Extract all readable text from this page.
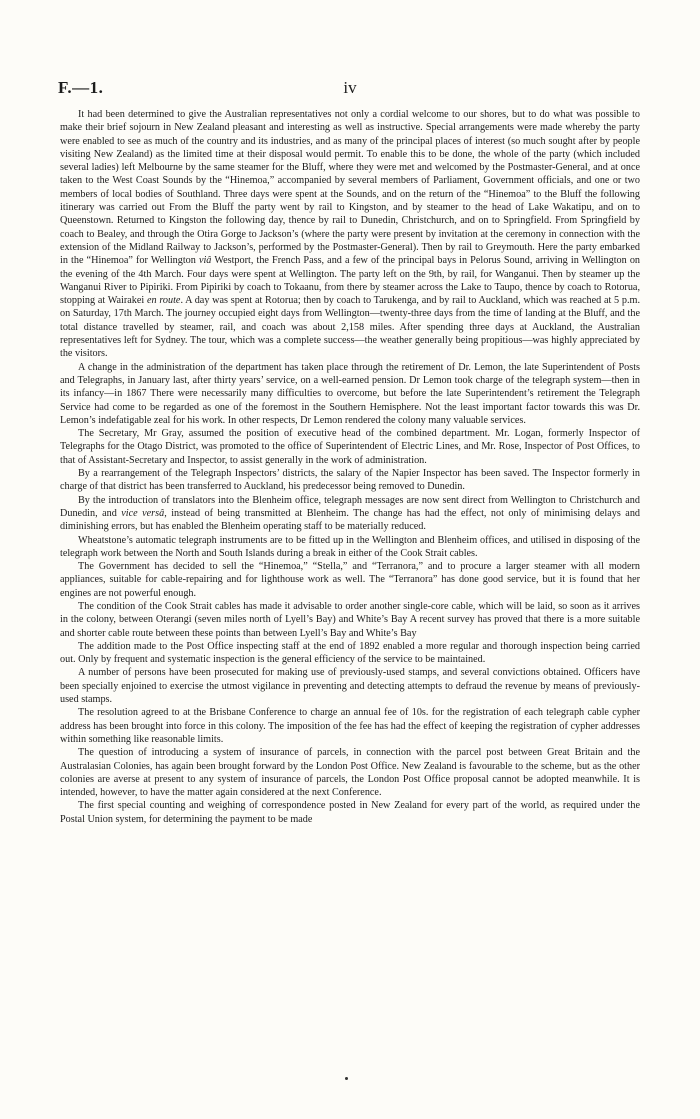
F.—1.	iv

It had been determined to give the Australian representatives not only a cordial welcome to our shores, but to do what was possible to make their brief sojourn in New Zealand pleasant and interesting as well as instructive. Special arrangements were made whereby the party were enabled to see as much of the country and its industries, and as many of the principal places of interest (so much sought after by people visiting New Zealand) as the limited time at their disposal would permit. To enable this to be done, the whole of the party (which included several ladies) left Melbourne by the same steamer for the Bluff, where they were met and welcomed by the Postmaster-General, and at once taken to the West Coast Sounds by the “Hinemoa,” accompanied by several members of Parliament, Government officials, and one or two members of local bodies of Southland. Three days were spent at the Sounds, and on the return of the “Hinemoa” to the Bluff the following itinerary was carried out From the Bluff the party went by rail to Kingston, and by steamer to the head of Lake Wakatipu, and on to Queenstown. Returned to Kingston the following day, thence by rail to Dunedin, Christchurch, and on to Springfield. From Springfield by coach to Bealey, and through the Otira Gorge to Jackson’s (where the party were present by invitation at the ceremony in connection with the extension of the Midland Railway to Jackson’s, performed by the Postmaster-General). Then by rail to Greymouth. Here the party embarked in the “Hinemoa” for Wellington viâ Westport, the French Pass, and a few of the principal bays in Pelorus Sound, arriving in Wellington on the evening of the 4th March. Four days were spent at Wellington. The party left on the 9th, by rail, for Wanganui. Then by steamer up the Wanganui River to Pipiriki. From Pipiriki by coach to Tokaanu, from there by steamer across the Lake to Taupo, thence by coach to Rotorua, stopping at Wairakei en route. A day was spent at Rotorua; then by coach to Tarukenga, and by rail to Auckland, which was reached at 5 p.m. on Saturday, 17th March. The journey occupied eight days from Wellington—twenty-three days from the time of landing at the Bluff, and the total distance travelled by steamer, rail, and coach was about 2,158 miles. After spending three days at Auckland, the Australian representatives left for Sydney. The tour, which was a complete success—the weather generally being propitious—was highly appreciated by the visitors.

A change in the administration of the department has taken place through the retirement of Dr. Lemon, the late Superintendent of Posts and Telegraphs, in January last, after thirty years’ service, on a well-earned pension. Dr Lemon took charge of the telegraph system—then in its infancy—in 1867 There were necessarily many difficulties to overcome, but before the late Superintendent’s retirement the Telegraph Service had come to be regarded as one of the foremost in the Southern Hemisphere. Not the least important factor towards this was Dr. Lemon’s indefatigable zeal for his work. In other respects, Dr Lemon rendered the colony many valuable services.

The Secretary, Mr Gray, assumed the position of executive head of the combined department. Mr. Logan, formerly Inspector of Telegraphs for the Otago District, was promoted to the office of Superintendent of Electric Lines, and Mr. Rose, Inspector of Post Offices, to that of Assistant-Secretary and Inspector, to assist generally in the work of administration.

By a rearrangement of the Telegraph Inspectors’ districts, the salary of the Napier Inspector has been saved. The Inspector formerly in charge of that district has been transferred to Auckland, his predecessor being removed to Dunedin.

By the introduction of translators into the Blenheim office, telegraph messages are now sent direct from Wellington to Christchurch and Dunedin, and vice versâ, instead of being transmitted at Blenheim. The change has had the effect, not only of minimising delays and diminishing errors, but has enabled the Blenheim operating staff to be materially reduced.

Wheatstone’s automatic telegraph instruments are to be fitted up in the Wellington and Blenheim offices, and utilised in disposing of the telegraph work between the North and South Islands during a break in either of the Cook Strait cables.

The Government has decided to sell the “Hinemoa,” “Stella,” and “Terranora,” and to procure a larger steamer with all modern appliances, suitable for cable-repairing and for lighthouse work as well. The “Terranora” has done good service, but it is found that her engines are not powerful enough.

The condition of the Cook Strait cables has made it advisable to order another single-core cable, which will be laid, so soon as it arrives in the colony, between Oterangi (seven miles north of Lyell’s Bay) and White’s Bay A recent survey has proved that there is a more suitable and shorter cable route between these points than between Lyell’s Bay and White’s Bay

The addition made to the Post Office inspecting staff at the end of 1892 enabled a more regular and thorough inspection being carried out. Only by frequent and systematic inspection is the general efficiency of the service to be maintained.

A number of persons have been prosecuted for making use of previously-used stamps, and several convictions obtained. Officers have been specially enjoined to exercise the utmost vigilance in preventing and detecting attempts to defraud the revenue by means of previously-used stamps.

The resolution agreed to at the Brisbane Conference to charge an annual fee of 10s. for the registration of each telegraph cable cypher address has been brought into force in this colony. The imposition of the fee has had the effect of keeping the registration of cypher addresses within something like reasonable limits.

The question of introducing a system of insurance of parcels, in connection with the parcel post between Great Britain and the Australasian Colonies, has again been brought forward by the London Post Office. New Zealand is favourable to the scheme, but as the other colonies are averse at present to any system of insurance of parcels, the London Post Office proposal cannot be adopted meanwhile. It is intended, however, to have the matter again considered at the next Conference.

The first special counting and weighing of correspondence posted in New Zealand for every part of the world, as required under the Postal Union system, for determining the payment to be made
